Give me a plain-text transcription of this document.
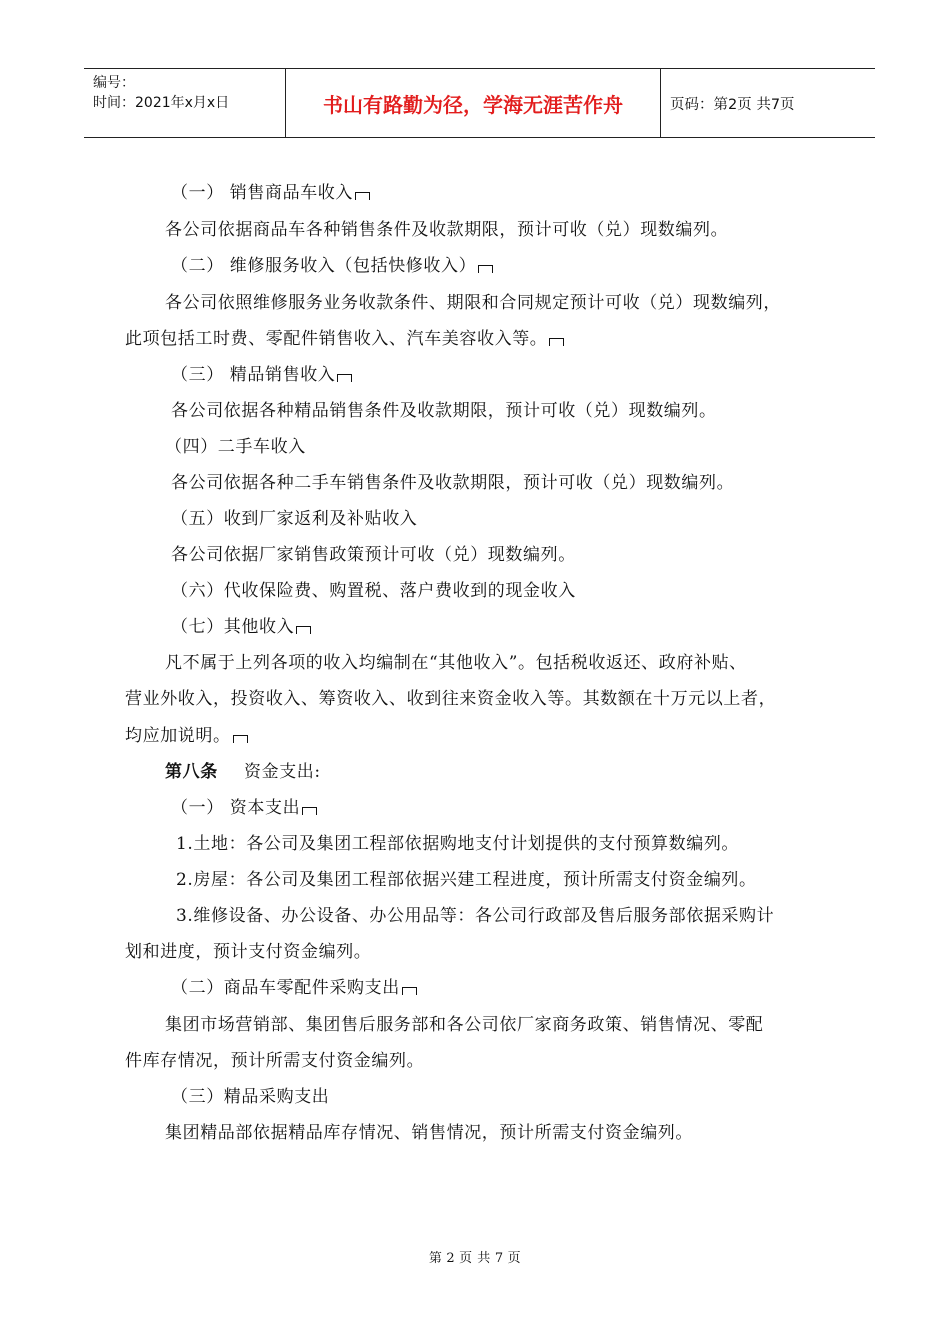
编号：
时间：2021年x月x日	书山有路勤为径，学海无涯苦作舟	页码：第2页 共7页
（一） 销售商品车收入
各公司依据商品车各种销售条件及收款期限，预计可收（兑）现数编列。
（二） 维修服务收入（包括快修收入）
各公司依照维修服务业务收款条件、期限和合同规定预计可收（兑）现数编列，
此项包括工时费、零配件销售收入、汽车美容收入等。
（三） 精品销售收入
各公司依据各种精品销售条件及收款期限，预计可收（兑）现数编列。
（四）二手车收入
各公司依据各种二手车销售条件及收款期限，预计可收（兑）现数编列。
（五）收到厂家返利及补贴收入
各公司依据厂家销售政策预计可收（兑）现数编列。
（六）代收保险费、购置税、落户费收到的现金收入
（七）其他收入
凡不属于上列各项的收入均编制在“其他收入”。包括税收返还、政府补贴、
营业外收入，投资收入、筹资收入、收到往来资金收入等。其数额在十万元以上者，
均应加说明。
第八条 资金支出:
（一） 资本支出
1.土地：各公司及集团工程部依据购地支付计划提供的支付预算数编列。
2.房屋：各公司及集团工程部依据兴建工程进度，预计所需支付资金编列。
3.维修设备、办公设备、办公用品等：各公司行政部及售后服务部依据采购计
划和进度，预计支付资金编列。
（二）商品车零配件采购支出
集团市场营销部、集团售后服务部和各公司依厂家商务政策、销售情况、零配
件库存情况，预计所需支付资金编列。
（三）精品采购支出
集团精品部依据精品库存情况、销售情况，预计所需支付资金编列。
第 2 页 共 7 页
